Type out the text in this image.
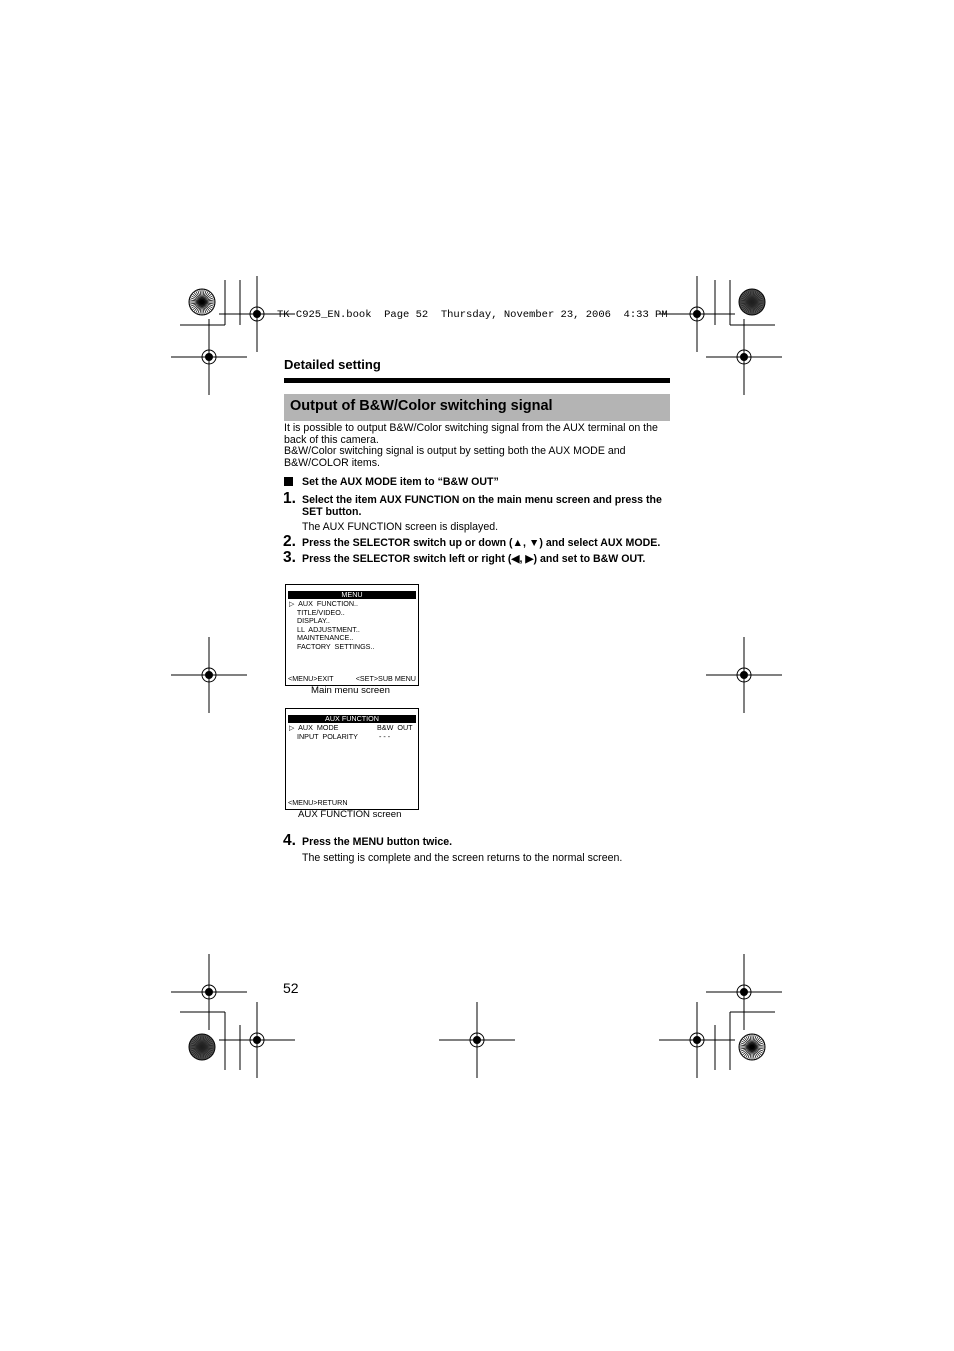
TK-C925_EN.book  Page 52  Thursday, November 23, 2006  4:33 PM
Detailed setting
Output of B&W/Color switching signal
It is possible to output B&W/Color switching signal from the AUX terminal on the back of this camera.
B&W/Color switching signal is output by setting both the AUX MODE and B&W/COLOR items.
Set the AUX MODE item to “B&W OUT”
1. Select the item AUX FUNCTION on the main menu screen and press the SET button.
The AUX FUNCTION screen is displayed.
2. Press the SELECTOR switch up or down (▲, ▼) and select AUX MODE.
3. Press the SELECTOR switch left or right (◀, ▶) and set to B&W OUT.
MENU
▷  AUX  FUNCTION..
TITLE/VIDEO..
DISPLAY..
LL  ADJUSTMENT..
MAINTENANCE..
FACTORY  SETTINGS..
<MENU>EXIT	<SET>SUB MENU
Main menu screen
AUX FUNCTION
▷  AUX  MODE	B&W  OUT
INPUT  POLARITY	- - -
<MENU>RETURN
AUX FUNCTION screen
4. Press the MENU button twice.
The setting is complete and the screen returns to the normal screen.
52
